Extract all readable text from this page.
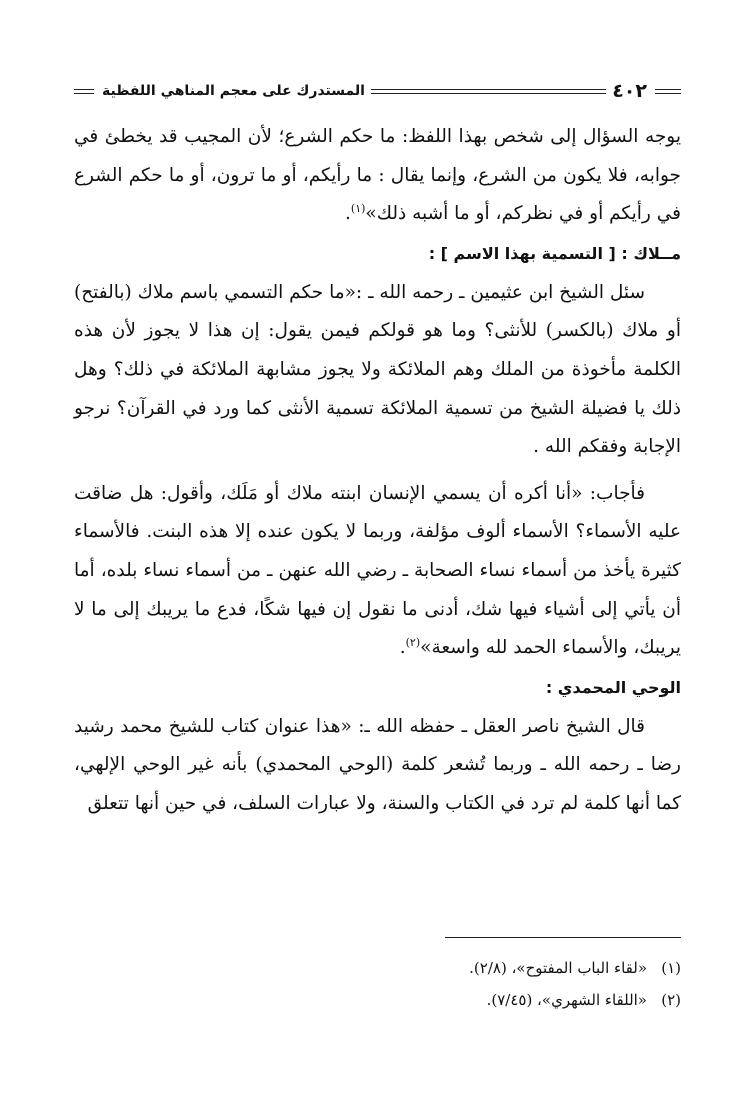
٤٠٢
المستدرك على معجم المناهي اللفظية

يوجه السؤال إلى شخص بهذا اللفظ: ما حكم الشرع؛ لأن المجيب قد يخطئ في جوابه، فلا يكون من الشرع، وإنما يقال : ما رأيكم، أو ما ترون، أو ما حكم الشرع في رأيكم أو في نظركم، أو ما أشبه ذلك»$^{(١)}$.

مــلاك : [ التسمية بهذا الاسم ] :

سئل الشيخ ابن عثيمين ـ رحمه الله ـ :«ما حكم التسمي باسم ملاك (بالفتح) أو ملاك (بالكسر) للأنثى؟ وما هو قولكم فيمن يقول: إن هذا لا يجوز لأن هذه الكلمة مأخوذة من الملك وهم الملائكة ولا يجوز مشابهة الملائكة في ذلك؟ وهل ذلك يا فضيلة الشيخ من تسمية الملائكة تسمية الأنثى كما ورد في القرآن؟ نرجو الإجابة وفقكم الله .

فأجاب: «أنا أكره أن يسمي الإنسان ابنته ملاك أو مَلَك، وأقول: هل ضاقت عليه الأسماء؟ الأسماء ألوف مؤلفة، وربما لا يكون عنده إلا هذه البنت. فالأسماء كثيرة يأخذ من أسماء نساء الصحابة ـ رضي الله عنهن ـ من أسماء نساء بلده، أما أن يأتي إلى أشياء فيها شك، أدنى ما نقول إن فيها شكًا، فدع ما يريبك إلى ما لا يريبك، والأسماء الحمد لله واسعة»$^{(٢)}$.

الوحي المحمدي :

قال الشيخ ناصر العقل ـ حفظه الله ـ: «هذا عنوان كتاب للشيخ محمد رشيد رضا ـ رحمه الله ـ وربما تُشعر كلمة (الوحي المحمدي) بأنه غير الوحي الإلهي، كما أنها كلمة لم ترد في الكتاب والسنة، ولا عبارات السلف، في حين أنها تتعلق

(١)«لقاء الباب المفتوح»، (٢/٨).
(٢)«اللقاء الشهري»، (٧/٤٥).
